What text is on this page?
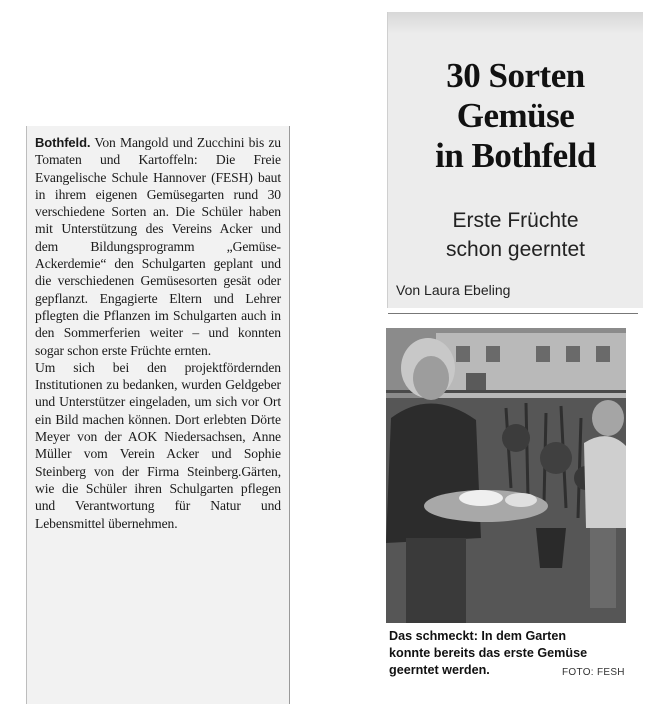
Bothfeld. Von Mangold und Zucchini bis zu Tomaten und Kartoffeln: Die Freie Evangelische Schule Hannover (FESH) baut in ihrem eigenen Gemüsegarten rund 30 verschiedene Sorten an. Die Schüler haben mit Unterstützung des Vereins Acker und dem Bildungsprogramm „Gemüse-Ackerdemie“ den Schulgarten geplant und die verschiedenen Gemüsesorten gesät oder gepflanzt. Engagierte Eltern und Lehrer pflegten die Pflanzen im Schulgarten auch in den Sommerferien weiter – und konnten sogar schon erste Früchte ernten.
Um sich bei den projektfördernden Institutionen zu bedanken, wurden Geldgeber und Unterstützer eingeladen, um sich vor Ort ein Bild machen können. Dort erlebten Dörte Meyer von der AOK Niedersachsen, Anne Müller vom Verein Acker und Sophie Steinberg von der Firma Steinberg.Gärten, wie die Schüler ihren Schulgarten pflegen und Verantwortung für Natur und Lebensmittel übernehmen.
30 Sorten
Gemüse
in Bothfeld
Erste Früchte
schon geerntet
Von Laura Ebeling
Das schmeckt: In dem Garten
konnte bereits das erste Gemüse
geerntet werden.	FOTO: FESH
